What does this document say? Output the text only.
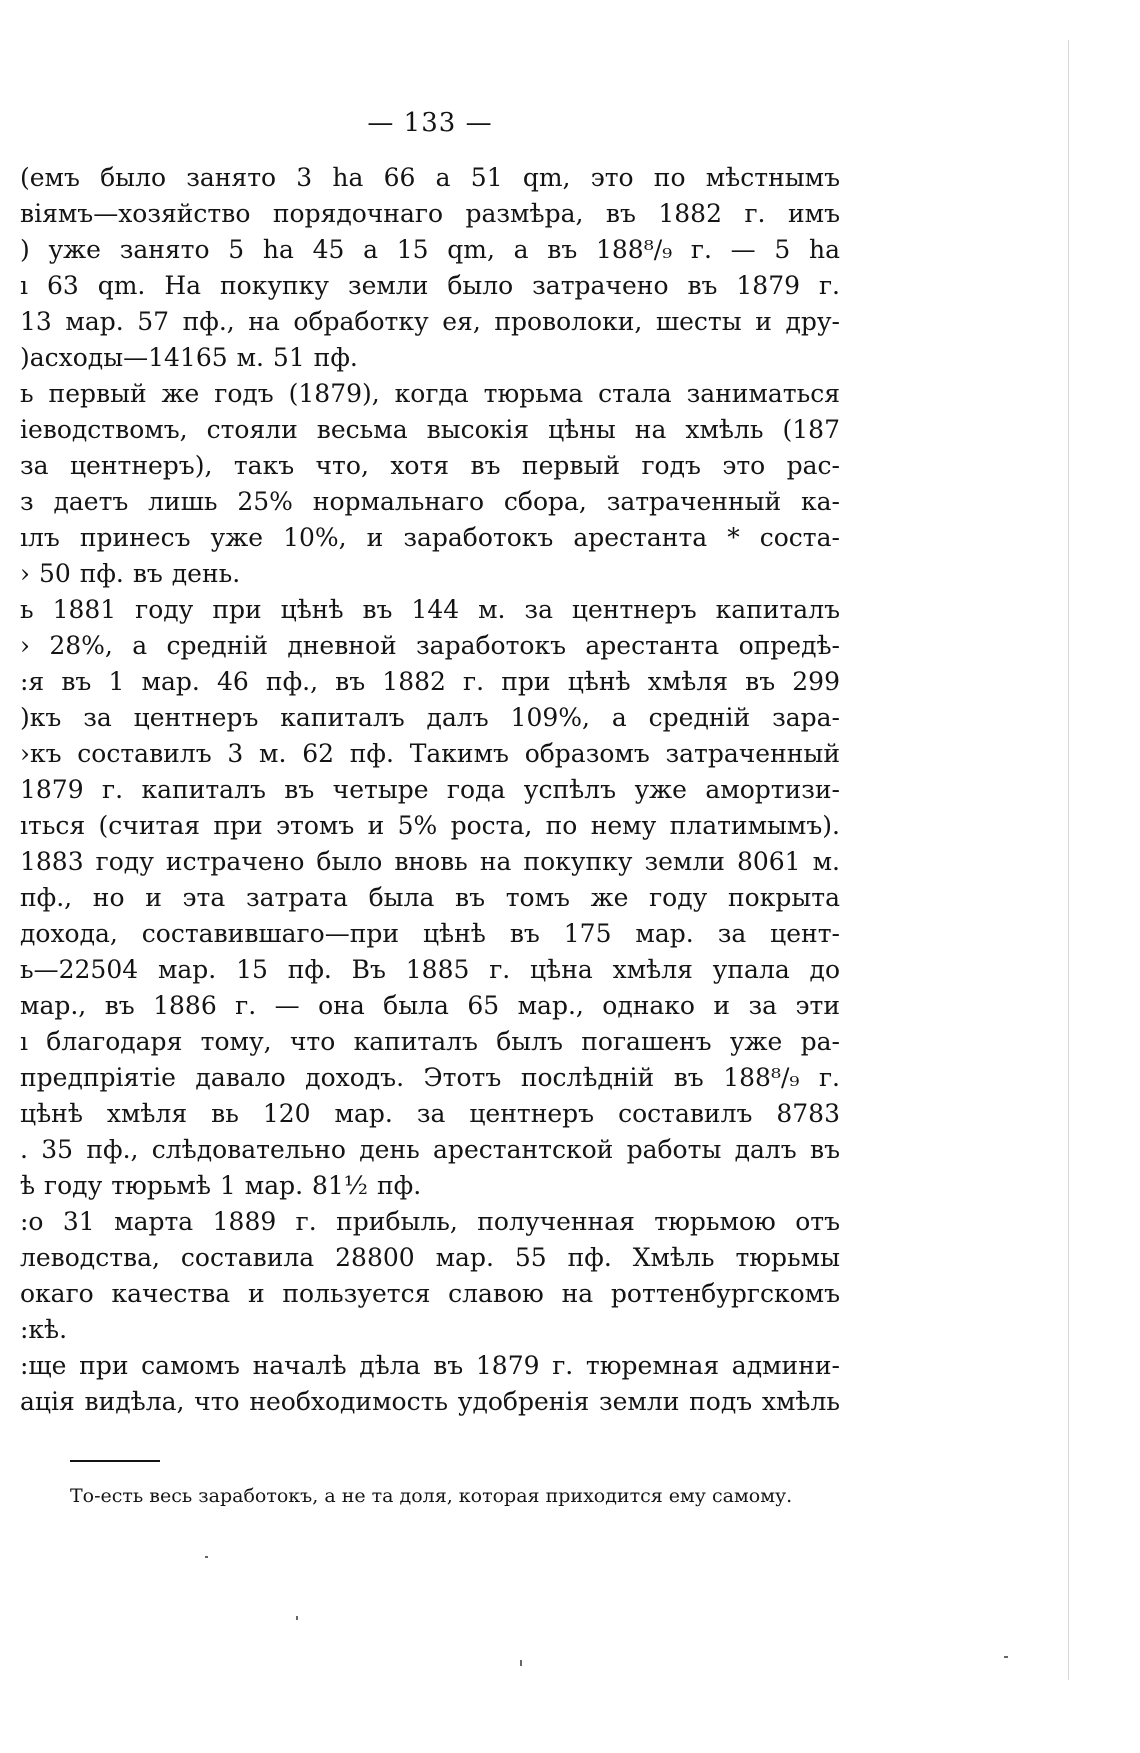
— 133 —
(емъ было занято 3 ha 66 a 51 qm, это по мѣстнымъ
віямъ—хозяйство порядочнаго размѣра, въ 1882 г. имъ
) уже занято 5 ha 45 a 15 qm, а въ 188⁸/₉ г. — 5 ha
ı 63 qm. На покупку земли было затрачено въ 1879 г.
13 мар. 57 пф., на обработку ея, проволоки, шесты и дру-
)асходы—14165 м. 51 пф.
ь первый же годъ (1879), когда тюрьма стала заниматься
іеводствомъ, стояли весьма высокія цѣны на хмѣль (187
за центнеръ), такъ что, хотя въ первый годъ это рас-
з даетъ лишь 25% нормальнаго сбора, затраченный ка-
ıлъ принесъ уже 10%, и заработокъ арестанта * соста-
› 50 пф. въ день.
ь 1881 году при цѣнѣ въ 144 м. за центнеръ капиталъ
› 28%, а средній дневной заработокъ арестанта опредѣ-
:я въ 1 мар. 46 пф., въ 1882 г. при цѣнѣ хмѣля въ 299
)къ за центнеръ капиталъ далъ 109%, а средній зара-
›къ составилъ 3 м. 62 пф. Такимъ образомъ затраченный
1879 г. капиталъ въ четыре года успѣлъ уже амортизи-
ıться (считая при этомъ и 5% роста, по нему платимымъ).
1883 году истрачено было вновь на покупку земли 8061 м.
пф., но и эта затрата была въ томъ же году покрыта
дохода, составившаго—при цѣнѣ въ 175 мар. за цент-
ь—22504 мар. 15 пф. Въ 1885 г. цѣна хмѣля упала до
мар., въ 1886 г. — она была 65 мар., однако и за эти
ı благодаря тому, что капиталъ былъ погашенъ уже ра-
предпріятіе давало доходъ. Этотъ послѣдній въ 188⁸/₉ г.
цѣнѣ хмѣля вь 120 мар. за центнеръ составилъ 8783
. 35 пф., слѣдовательно день арестантской работы далъ въ
ѣ году тюрьмѣ 1 мар. 81½ пф.
:о 31 марта 1889 г. прибыль, полученная тюрьмою отъ
леводства, составила 28800 мар. 55 пф. Хмѣль тюрьмы
окаго качества и пользуется славою на роттенбургскомъ
:кѣ.
:ще при самомъ началѣ дѣла въ 1879 г. тюремная админи-
ація видѣла, что необходимость удобренія земли подъ хмѣль
То-есть весь заработокъ, а не та доля, которая приходится ему самому.
